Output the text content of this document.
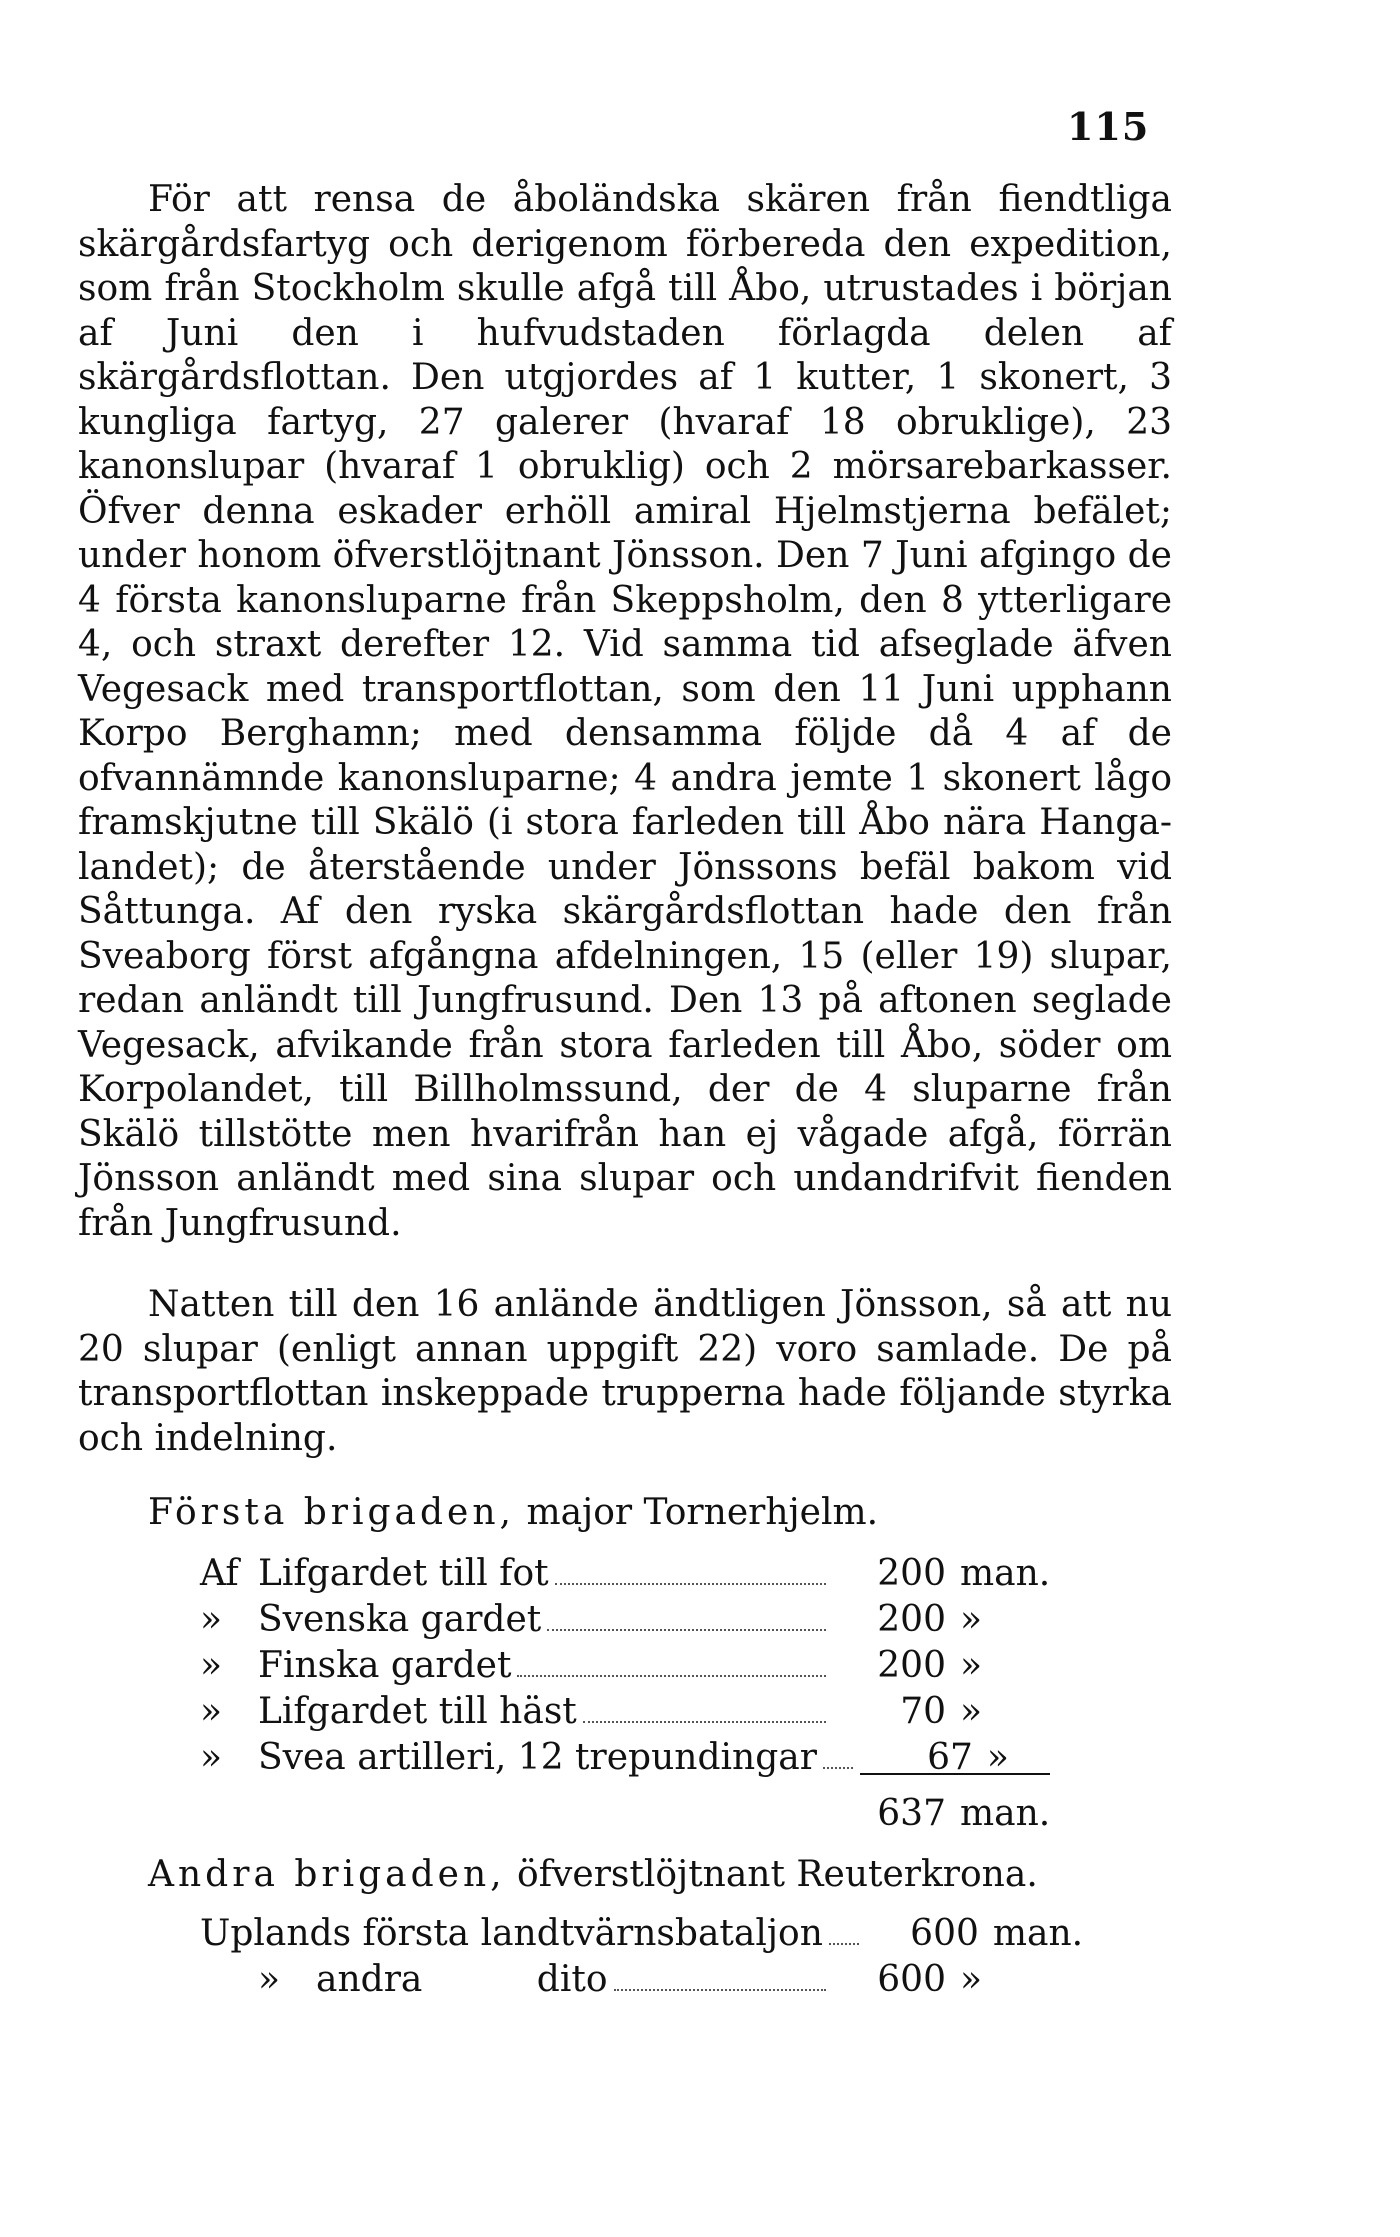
115

För att rensa de åboländska skären från fiendtliga skärgårdsfartyg och derigenom förbereda den expedition, som från Stockholm skulle afgå till Åbo, utrustades i början af Juni den i hufvudstaden förlagda delen af skärgårdsflottan. Den utgjordes af 1 kutter, 1 skonert, 3 kungliga fartyg, 27 galerer (hvaraf 18 obruklige), 23 kanonslupar (hvaraf 1 obruklig) och 2 mörsarebarkasser. Öfver denna eskader erhöll amiral Hjelmstjerna befälet; under honom öfverstlöjtnant Jönsson. Den 7 Juni afgingo de 4 första kanonsluparne från Skeppsholm, den 8 ytterligare 4, och straxt derefter 12. Vid samma tid afseglade äfven Vegesack med transportflottan, som den 11 Juni upphann Korpo Berghamn; med densamma följde då 4 af de ofvannämnde kanonsluparne; 4 andra jemte 1 skonert lågo framskjutne till Skälö (i stora farleden till Åbo nära Hanga-landet); de återstående under Jönssons befäl bakom vid Såttunga. Af den ryska skärgårdsflottan hade den från Sveaborg först afgångna afdelningen, 15 (eller 19) slupar, redan anländt till Jungfrusund. Den 13 på aftonen seglade Vegesack, afvikande från stora farleden till Åbo, söder om Korpolandet, till Billholmssund, der de 4 sluparne från Skälö tillstötte men hvarifrån han ej vågade afgå, förrän Jönsson anländt med sina slupar och undandrifvit fienden från Jungfrusund.

Natten till den 16 anlände ändtligen Jönsson, så att nu 20 slupar (enligt annan uppgift 22) voro samlade. De på transportflottan inskeppade trupperna hade följande styrka och indelning.

Första brigaden, major Tornerhjelm.
Af Lifgardet till fot	200 man.
» Svenska gardet	200 »
» Finska gardet	200 »
» Lifgardet till häst	70 »
» Svea artilleri, 12 trepundingar	67 »
637 man.
Andra brigaden, öfverstlöjtnant Reuterkrona.
Uplands första landtvärnsbataljon	600 man.
» andra          dito	600 »
